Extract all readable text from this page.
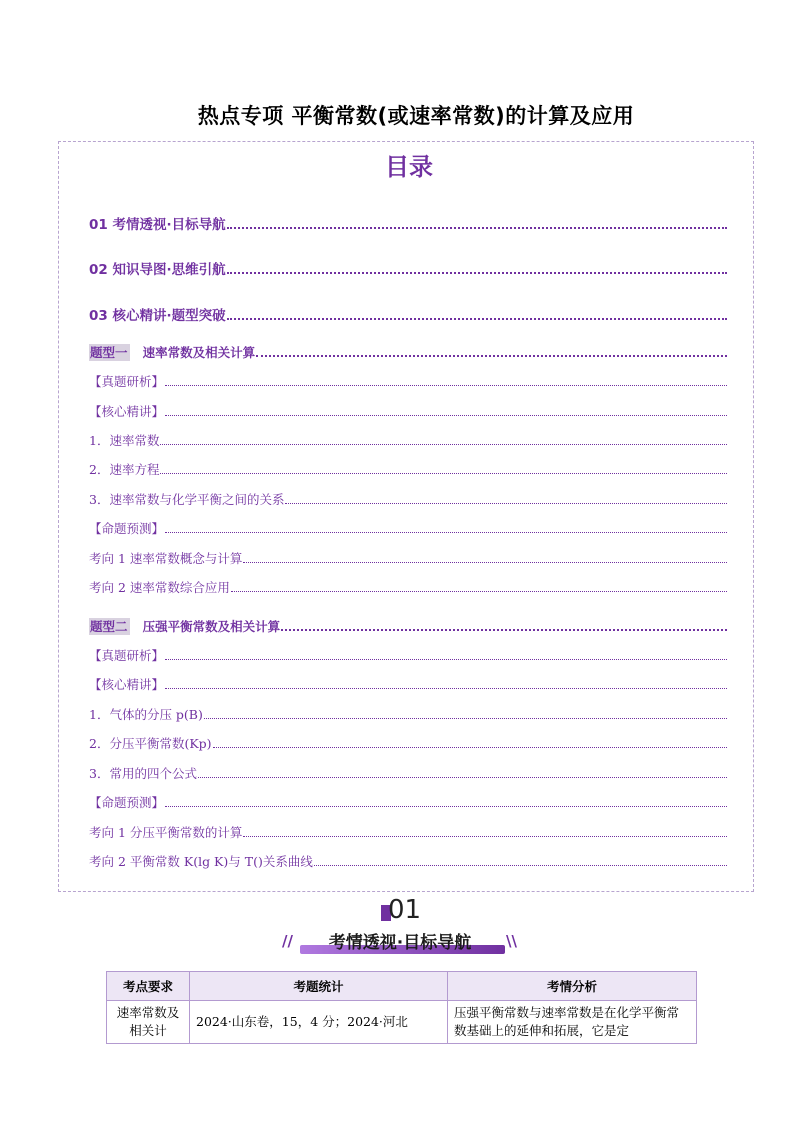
热点专项 平衡常数(或速率常数)的计算及应用
目录
01 考情透视·目标导航
02 知识导图·思维引航
03 核心精讲·题型突破
题型一 速率常数及相关计算
【真题研析】
【核心精讲】
1．速率常数
2．速率方程
3．速率常数与化学平衡之间的关系
【命题预测】
考向 1 速率常数概念与计算
考向 2 速率常数综合应用
题型二 压强平衡常数及相关计算
【真题研析】
【核心精讲】
1．气体的分压 p(B)
2．分压平衡常数(Kp)
3．常用的四个公式
【命题预测】
考向 1 分压平衡常数的计算
考向 2 平衡常数 K(lg K)与 T()关系曲线
01
//	考情透视·目标导航	\\
考点要求	考题统计	考情分析
速率常数及相关计	2024·山东卷，15，4 分；2024·河北	压强平衡常数与速率常数是在化学平衡常数基础上的延伸和拓展，它是定
